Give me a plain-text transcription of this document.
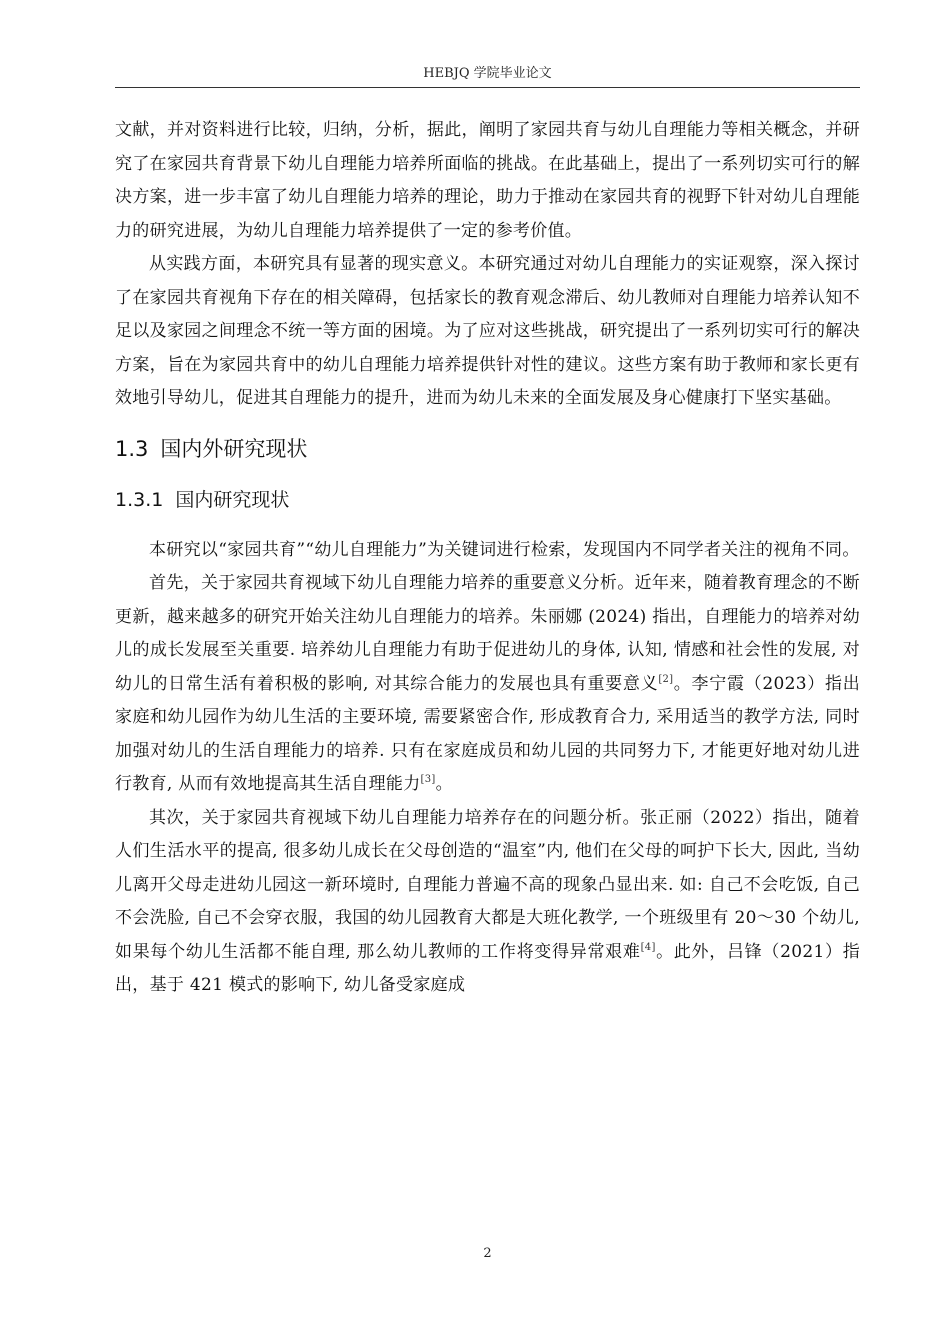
HEBJQ 学院毕业论文

文献，并对资料进行比较，归纳，分析，据此，阐明了家园共育与幼儿自理能力等相关概念，并研究了在家园共育背景下幼儿自理能力培养所面临的挑战。在此基础上，提出了一系列切实可行的解决方案，进一步丰富了幼儿自理能力培养的理论，助力于推动在家园共育的视野下针对幼儿自理能力的研究进展，为幼儿自理能力培养提供了一定的参考价值。

从实践方面，本研究具有显著的现实意义。本研究通过对幼儿自理能力的实证观察，深入探讨了在家园共育视角下存在的相关障碍，包括家长的教育观念滞后、幼儿教师对自理能力培养认知不足以及家园之间理念不统一等方面的困境。为了应对这些挑战，研究提出了一系列切实可行的解决方案，旨在为家园共育中的幼儿自理能力培养提供针对性的建议。这些方案有助于教师和家长更有效地引导幼儿，促进其自理能力的提升，进而为幼儿未来的全面发展及身心健康打下坚实基础。

1.3 国内外研究现状
1.3.1 国内研究现状

本研究以“家园共育”“幼儿自理能力”为关键词进行检索，发现国内不同学者关注的视角不同。

首先，关于家园共育视域下幼儿自理能力培养的重要意义分析。近年来，随着教育理念的不断更新，越来越多的研究开始关注幼儿自理能力的培养。朱丽娜 (2024) 指出，自理能力的培养对幼儿的成长发展至关重要. 培养幼儿自理能力有助于促进幼儿的身体, 认知, 情感和社会性的发展, 对幼儿的日常生活有着积极的影响, 对其综合能力的发展也具有重要意义[2]。李宁霞（2023）指出家庭和幼儿园作为幼儿生活的主要环境, 需要紧密合作, 形成教育合力, 采用适当的教学方法, 同时加强对幼儿的生活自理能力的培养. 只有在家庭成员和幼儿园的共同努力下, 才能更好地对幼儿进行教育, 从而有效地提高其生活自理能力[3]。

其次，关于家园共育视域下幼儿自理能力培养存在的问题分析。张正丽（2022）指出，随着人们生活水平的提高, 很多幼儿成长在父母创造的“温室”内, 他们在父母的呵护下长大, 因此, 当幼儿离开父母走进幼儿园这一新环境时, 自理能力普遍不高的现象凸显出来. 如: 自己不会吃饭, 自己不会洗脸, 自己不会穿衣服，我国的幼儿园教育大都是大班化教学, 一个班级里有 20～30 个幼儿, 如果每个幼儿生活都不能自理, 那么幼儿教师的工作将变得异常艰难[4]。此外，吕锋（2021）指出，基于 421 模式的影响下, 幼儿备受家庭成

2
